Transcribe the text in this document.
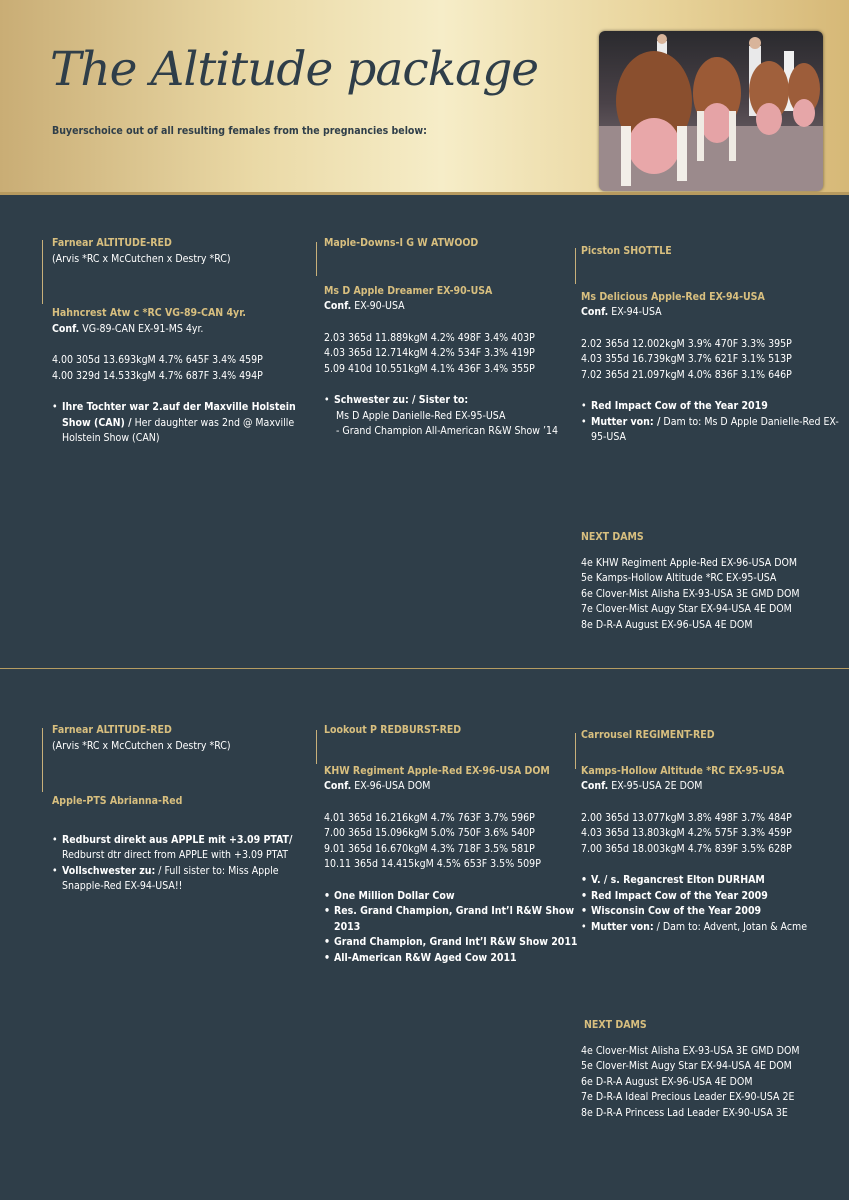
The Altitude package

Buyerschoice out of all resulting females from the pregnancies below:

Farnear ALTITUDE-RED

(Arvis *RC x McCutchen x Destry *RC)

Hahncrest Atw c *RC VG-89-CAN 4yr.

Conf. VG-89-CAN EX-91-MS 4yr.

4.00 305d 13.693kgM 4.7% 645F 3.4% 459P

4.00 329d 14.533kgM 4.7% 687F 3.4% 494P

• Ihre Tochter war 2.auf der Maxville Holstein Show (CAN) / Her daughter was 2nd @ Maxville Holstein Show (CAN)

Maple-Downs-I G W ATWOOD

Ms D Apple Dreamer EX-90-USA

Conf. EX-90-USA

2.03 365d 11.889kgM 4.2% 498F 3.4% 403P

4.03 365d 12.714kgM 4.2% 534F 3.3% 419P

5.09 410d 10.551kgM 4.1% 436F 3.4% 355P

• Schwester zu: / Sister to:

Ms D Apple Danielle-Red EX-95-USA

- Grand Champion All-American R&W Show ’14

Picston SHOTTLE

Ms Delicious Apple-Red EX-94-USA

Conf. EX-94-USA

2.02 365d 12.002kgM 3.9% 470F 3.3% 395P

4.03 355d 16.739kgM 3.7% 621F 3.1% 513P

7.02 365d 21.097kgM 4.0% 836F 3.1% 646P

• Red Impact Cow of the Year 2019
• Mutter von: / Dam to: Ms D Apple Danielle-Red EX-95-USA

NEXT DAMS

4e KHW Regiment Apple-Red EX-96-USA DOM

5e Kamps-Hollow Altitude *RC EX-95-USA

6e Clover-Mist Alisha EX-93-USA 3E GMD DOM

7e Clover-Mist Augy Star EX-94-USA 4E DOM

8e D-R-A August EX-96-USA 4E DOM

Farnear ALTITUDE-RED

(Arvis *RC x McCutchen x Destry *RC)

Apple-PTS Abrianna-Red

• Redburst direkt aus APPLE mit +3.09 PTAT/ Redburst dtr direct from APPLE with +3.09 PTAT
• Vollschwester zu: / Full sister to: Miss Apple Snapple-Red EX-94-USA!!

Lookout P REDBURST-RED

KHW Regiment Apple-Red EX-96-USA DOM

Conf. EX-96-USA DOM

4.01 365d 16.216kgM 4.7% 763F 3.7% 596P

7.00 365d 15.096kgM 5.0% 750F 3.6% 540P

9.01 365d 16.670kgM 4.3% 718F 3.5% 581P

10.11 365d 14.415kgM 4.5% 653F 3.5% 509P

• One Million Dollar Cow
• Res. Grand Champion, Grand Int’l R&W Show 2013
• Grand Champion, Grand Int’l R&W Show 2011
• All-American R&W Aged Cow 2011

Carrousel REGIMENT-RED

Kamps-Hollow Altitude *RC EX-95-USA

Conf. EX-95-USA 2E DOM

2.00 365d 13.077kgM 3.8% 498F 3.7% 484P

4.03 365d 13.803kgM 4.2% 575F 3.3% 459P

7.00 365d 18.003kgM 4.7% 839F 3.5% 628P

• V. / s. Regancrest Elton DURHAM
• Red Impact Cow of the Year 2009
• Wisconsin Cow of the Year 2009
• Mutter von: / Dam to: Advent, Jotan & Acme

NEXT DAMS

4e Clover-Mist Alisha EX-93-USA 3E GMD DOM

5e Clover-Mist Augy Star EX-94-USA 4E DOM

6e D-R-A August EX-96-USA 4E DOM

7e D-R-A Ideal Precious Leader EX-90-USA 2E

8e D-R-A Princess Lad Leader EX-90-USA 3E
